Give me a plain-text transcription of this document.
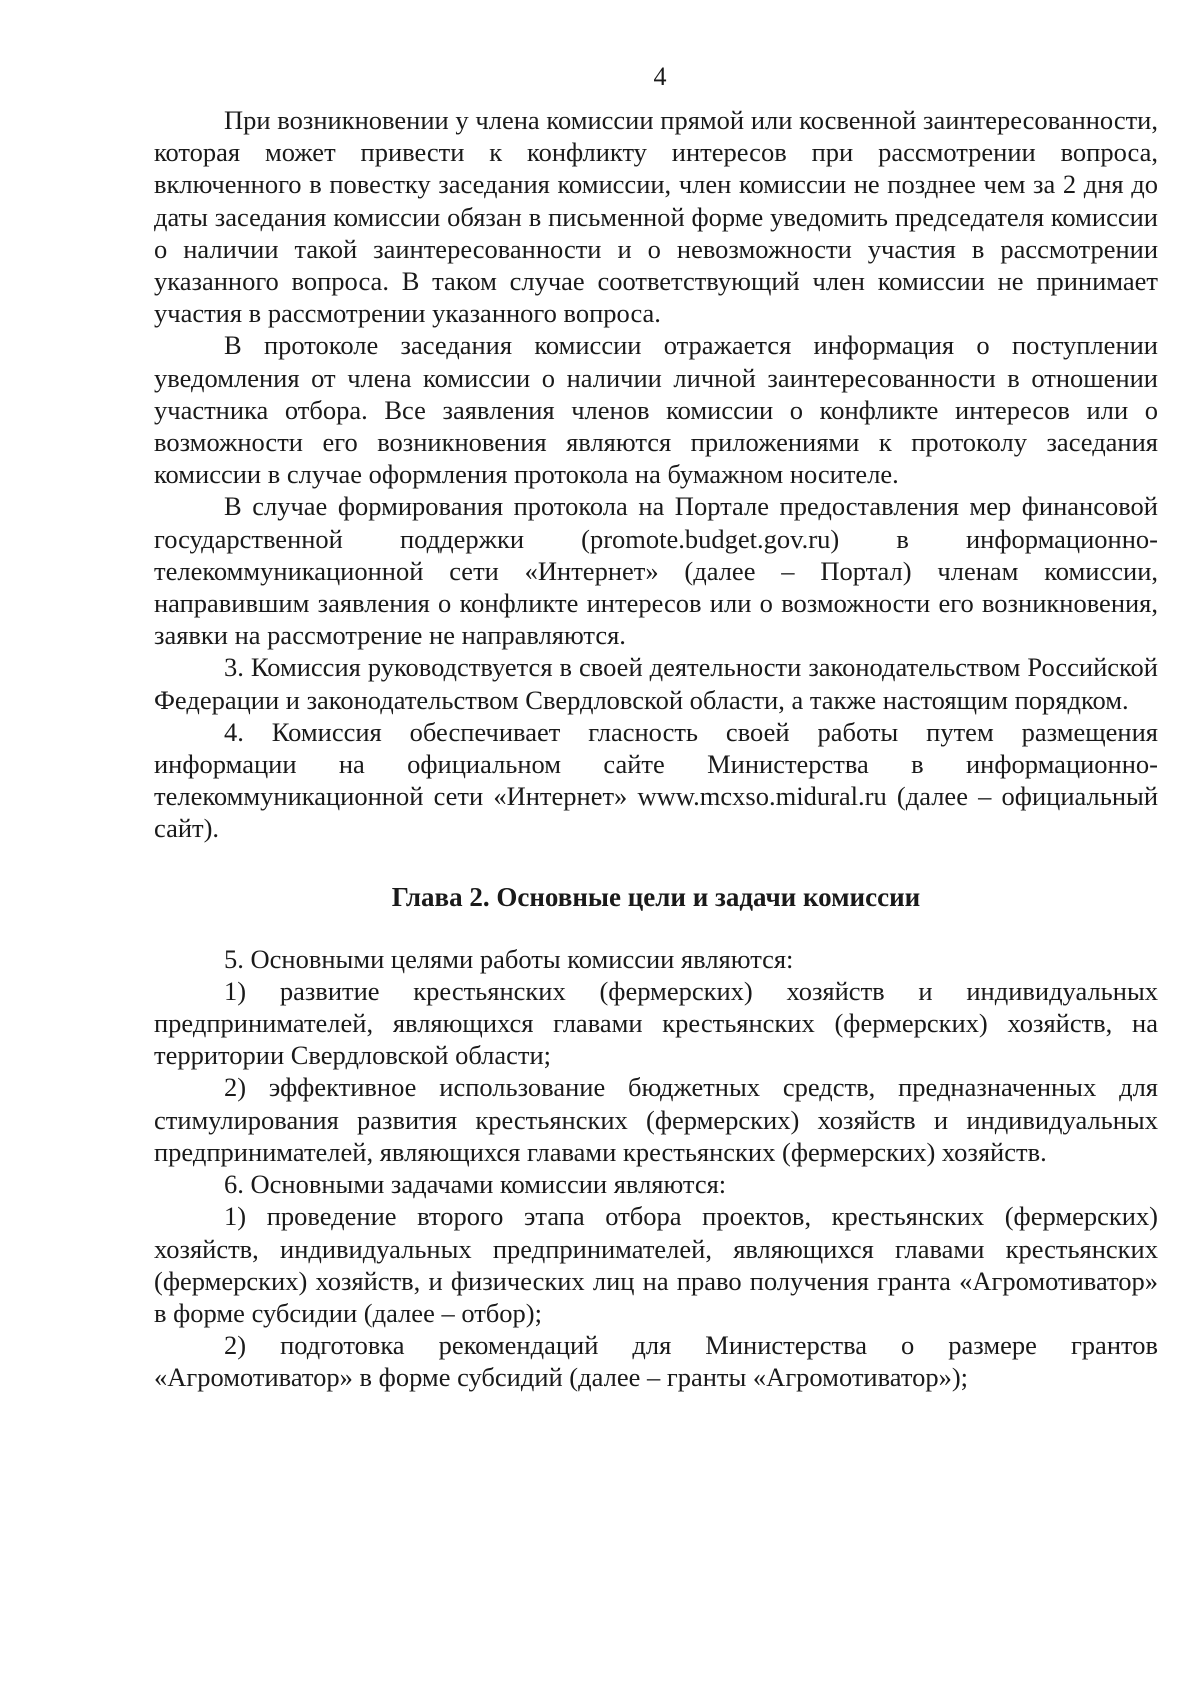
4

При возникновении у члена комиссии прямой или косвенной заинтересованности, которая может привести к конфликту интересов при рассмотрении вопроса, включенного в повестку заседания комиссии, член комиссии не позднее чем за 2 дня до даты заседания комиссии обязан в письменной форме уведомить председателя комиссии о наличии такой заинтересованности и о невозможности участия в рассмотрении указанного вопроса. В таком случае соответствующий член комиссии не принимает участия в рассмотрении указанного вопроса.

В протоколе заседания комиссии отражается информация о поступлении уведомления от члена комиссии о наличии личной заинтересованности в отношении участника отбора. Все заявления членов комиссии о конфликте интересов или о возможности его возникновения являются приложениями к протоколу заседания комиссии в случае оформления протокола на бумажном носителе.

В случае формирования протокола на Портале предоставления мер финансовой государственной поддержки (promote.budget.gov.ru) в информационно-телекоммуникационной сети «Интернет» (далее – Портал) членам комиссии, направившим заявления о конфликте интересов или о возможности его возникновения, заявки на рассмотрение не направляются.

3. Комиссия руководствуется в своей деятельности законодательством Российской Федерации и законодательством Свердловской области, а также настоящим порядком.

4. Комиссия обеспечивает гласность своей работы путем размещения информации на официальном сайте Министерства в информационно-телекоммуникационной сети «Интернет» www.mcxso.midural.ru (далее – официальный сайт).

Глава 2. Основные цели и задачи комиссии

5. Основными целями работы комиссии являются:

1) развитие крестьянских (фермерских) хозяйств и индивидуальных предпринимателей, являющихся главами крестьянских (фермерских) хозяйств, на территории Свердловской области;

2) эффективное использование бюджетных средств, предназначенных для стимулирования развития крестьянских (фермерских) хозяйств и индивидуальных предпринимателей, являющихся главами крестьянских (фермерских) хозяйств.

6. Основными задачами комиссии являются:

1) проведение второго этапа отбора проектов, крестьянских (фермерских) хозяйств, индивидуальных предпринимателей, являющихся главами крестьянских (фермерских) хозяйств, и физических лиц на право получения гранта «Агромотиватор» в форме субсидии (далее – отбор);

2) подготовка рекомендаций для Министерства о размере грантов «Агромотиватор» в форме субсидий (далее – гранты «Агромотиватор»);
